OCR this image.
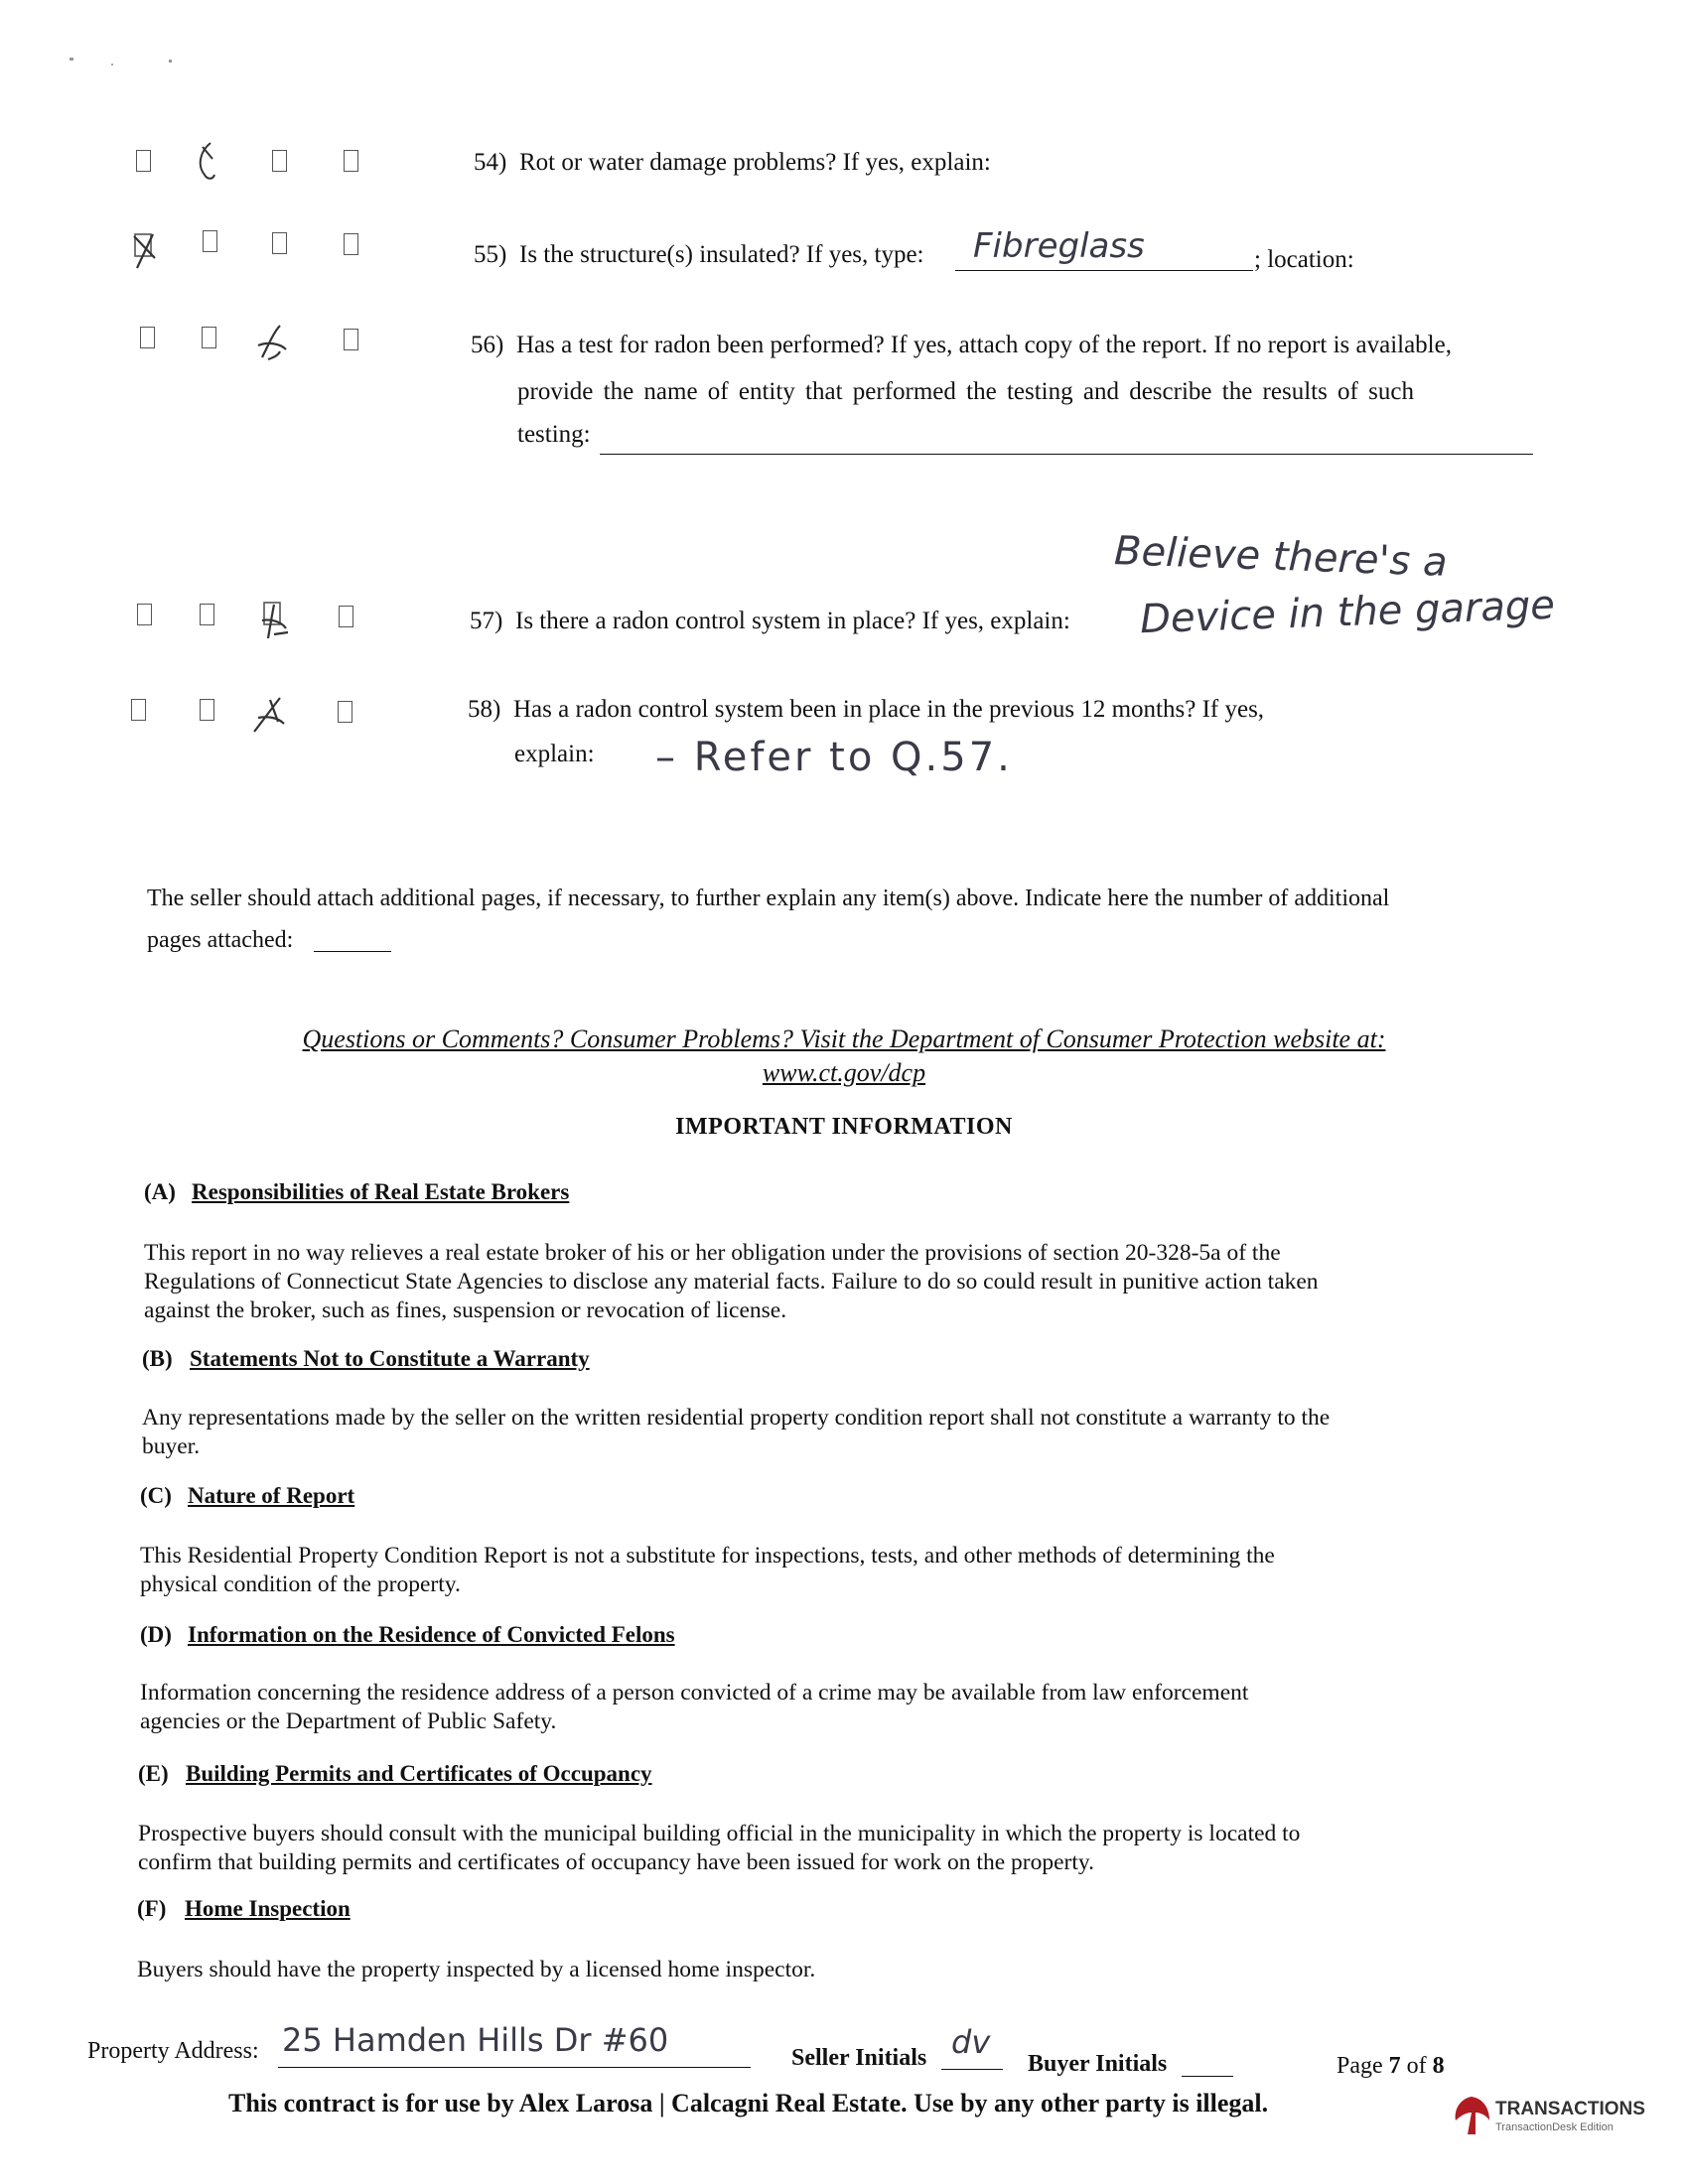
54) Rot or water damage problems? If yes, explain:
55) Is the structure(s) insulated? If yes, type: Fibreglass	; location:
56) Has a test for radon been performed? If yes, attach copy of the report. If no report is available,
provide the name of entity that performed the testing and describe the results of such
testing:
57) Is there a radon control system in place? If yes, explain:
Believe there's a
Device in the garage
58) Has a radon control system been in place in the previous 12 months? If yes,
explain: – Refer to Q.57.
The seller should attach additional pages, if necessary, to further explain any item(s) above. Indicate here the number of additional
pages attached:
Questions or Comments? Consumer Problems? Visit the Department of Consumer Protection website at:
www.ct.gov/dcp
IMPORTANT INFORMATION
(A) Responsibilities of Real Estate Brokers
This report in no way relieves a real estate broker of his or her obligation under the provisions of section 20-328-5a of the
Regulations of Connecticut State Agencies to disclose any material facts. Failure to do so could result in punitive action taken
against the broker, such as fines, suspension or revocation of license.
(B) Statements Not to Constitute a Warranty
Any representations made by the seller on the written residential property condition report shall not constitute a warranty to the
buyer.
(C) Nature of Report
This Residential Property Condition Report is not a substitute for inspections, tests, and other methods of determining the
physical condition of the property.
(D) Information on the Residence of Convicted Felons
Information concerning the residence address of a person convicted of a crime may be available from law enforcement
agencies or the Department of Public Safety.
(E) Building Permits and Certificates of Occupancy
Prospective buyers should consult with the municipal building official in the municipality in which the property is located to
confirm that building permits and certificates of occupancy have been issued for work on the property.
(F) Home Inspection
Buyers should have the property inspected by a licensed home inspector.
Property Address: 25 Hamden Hills Dr #60	Seller Initials dv
Buyer Initials	Page 7 of 8
This contract is for use by Alex Larosa | Calcagni Real Estate. Use by any other party is illegal.	TRANSACTIONS
TransactionDesk Edition
